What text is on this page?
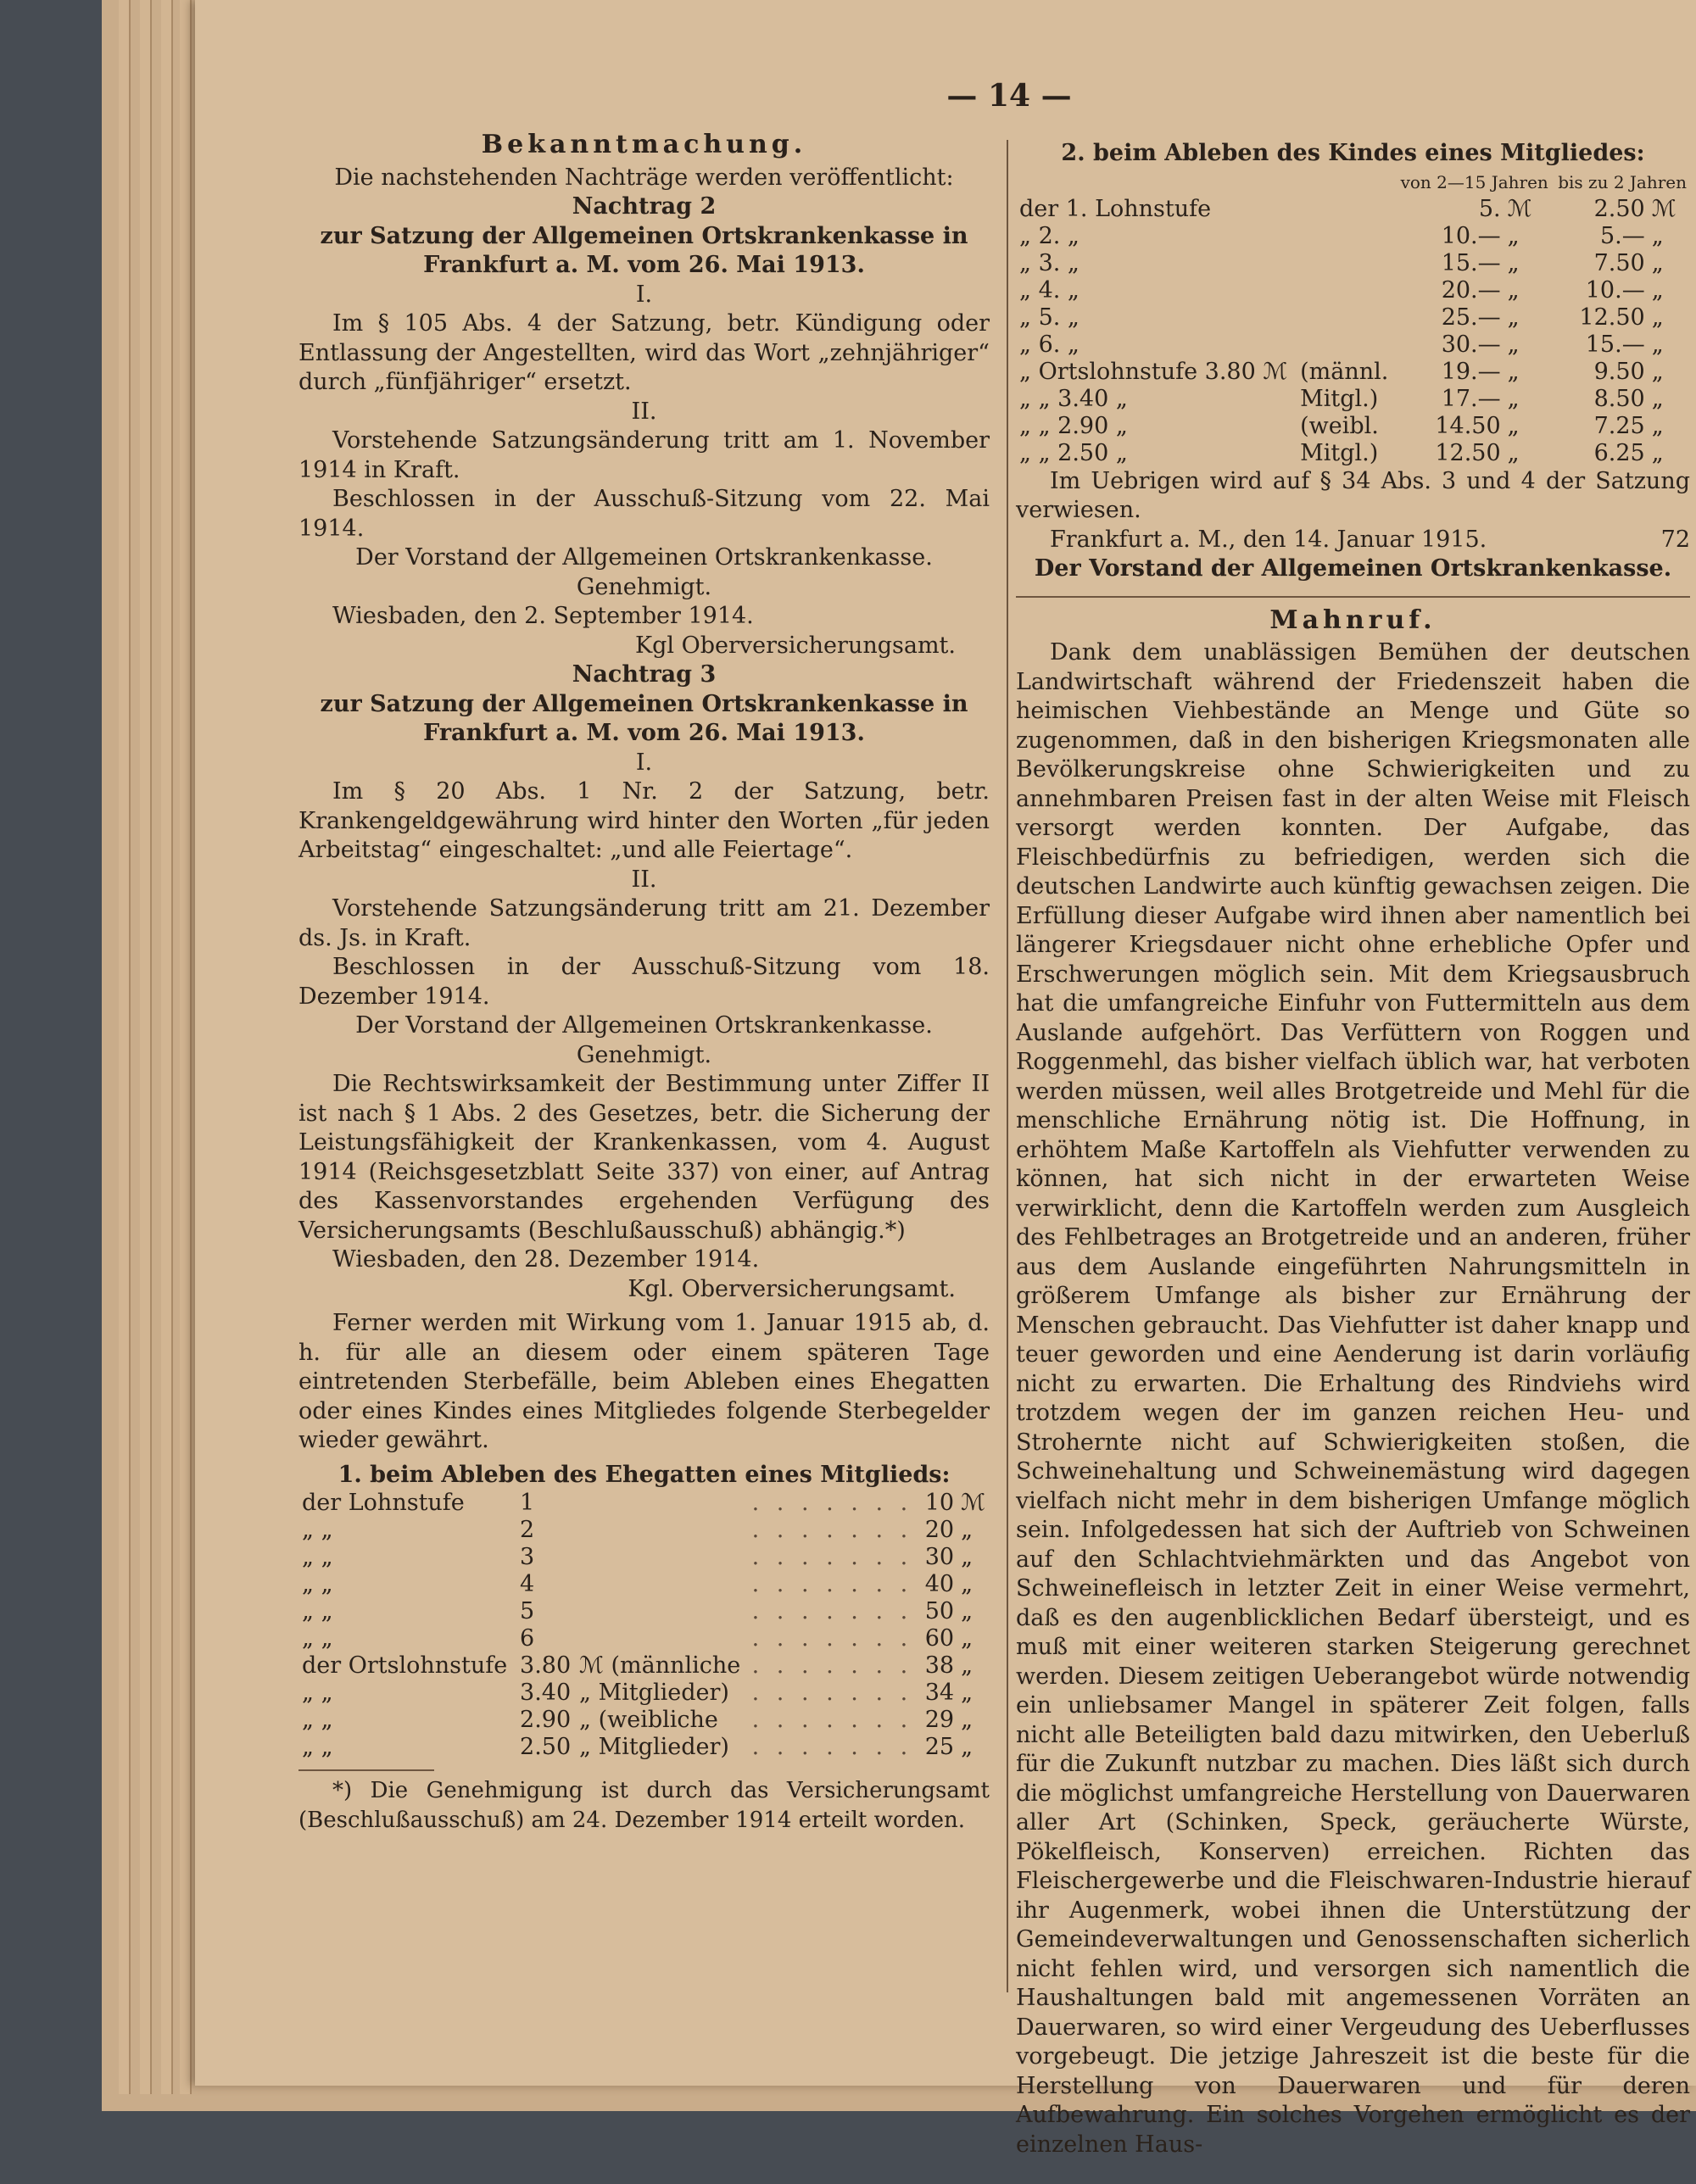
— 14 —
Bekanntmachung.
Die nachstehenden Nachträge werden veröffentlicht:
Nachtrag 2
zur Satzung der Allgemeinen Ortskrankenkasse in Frankfurt a. M. vom 26. Mai 1913.
I.

Im § 105 Abs. 4 der Satzung, betr. Kündigung oder Entlassung der Angestellten, wird das Wort „zehnjähriger“ durch „fünfjähriger“ ersetzt.

II.

Vorstehende Satzungsänderung tritt am 1. November 1914 in Kraft.

Beschlossen in der Ausschuß-Sitzung vom 22. Mai 1914.

Der Vorstand der Allgemeinen Ortskrankenkasse.
Genehmigt.

Wiesbaden, den 2. September 1914.

Kgl Oberversicherungsamt.
Nachtrag 3
zur Satzung der Allgemeinen Ortskrankenkasse in Frankfurt a. M. vom 26. Mai 1913.
I.

Im § 20 Abs. 1 Nr. 2 der Satzung, betr. Krankengeldgewährung wird hinter den Worten „für jeden Arbeitstag“ eingeschaltet: „und alle Feiertage“.

II.

Vorstehende Satzungsänderung tritt am 21. Dezember ds. Js. in Kraft.

Beschlossen in der Ausschuß-Sitzung vom 18. Dezember 1914.

Der Vorstand der Allgemeinen Ortskrankenkasse.
Genehmigt.

Die Rechtswirksamkeit der Bestimmung unter Ziffer II ist nach § 1 Abs. 2 des Gesetzes, betr. die Sicherung der Leistungsfähigkeit der Krankenkassen, vom 4. August 1914 (Reichsgesetzblatt Seite 337) von einer, auf Antrag des Kassenvorstandes ergehenden Verfügung des Versicherungsamts (Beschlußausschuß) abhängig.*)

Wiesbaden, den 28. Dezember 1914.

Kgl. Oberversicherungsamt.

Ferner werden mit Wirkung vom 1. Januar 1915 ab, d. h. für alle an diesem oder einem späteren Tage eintretenden Sterbefälle, beim Ableben eines Ehegatten oder eines Kindes eines Mitgliedes folgende Sterbegelder wieder gewährt.

1. beim Ableben des Ehegatten eines Mitglieds:
der Lohnstufe	1		. . . . . . .	10	ℳ
„ „	2		. . . . . . .	20	„
„ „	3		. . . . . . .	30	„
„ „	4		. . . . . . .	40	„
„ „	5		. . . . . . .	50	„
„ „	6		. . . . . . .	60	„
der Ortslohnstufe	3.80	ℳ (männliche	. . . . . . .	38	„
„ „	3.40	„ Mitglieder)	. . . . . . .	34	„
„ „	2.90	„ (weibliche	. . . . . . .	29	„
„ „	2.50	„ Mitglieder)	. . . . . . .	25	„

*) Die Genehmigung ist durch das Versicherungsamt (Beschlußausschuß) am 24. Dezember 1914 erteilt worden.

2. beim Ableben des Kindes eines Mitgliedes:
		von 2—15 Jahren		bis zu 2 Jahren	
der 1. Lohnstufe		5.	ℳ	2.50	ℳ
„ 2. „		10.—	„	5.—	„
„ 3. „		15.—	„	7.50	„
„ 4. „		20.—	„	10.—	„
„ 5. „		25.—	„	12.50	„
„ 6. „		30.—	„	15.—	„
„ Ortslohnstufe 3.80 ℳ	(männl.	19.—	„	9.50	„
„ „ 3.40 „	Mitgl.)	17.—	„	8.50	„
„ „ 2.90 „	(weibl.	14.50	„	7.25	„
„ „ 2.50 „	Mitgl.)	12.50	„	6.25	„

Im Uebrigen wird auf § 34 Abs. 3 und 4 der Satzung verwiesen.

Frankfurt a. M., den 14. Januar 1915.	72
Der Vorstand der Allgemeinen Ortskrankenkasse.
Mahnruf.

Dank dem unablässigen Bemühen der deutschen Landwirtschaft während der Friedenszeit haben die heimischen Viehbestände an Menge und Güte so zugenommen, daß in den bisherigen Kriegsmonaten alle Bevölkerungskreise ohne Schwierigkeiten und zu annehmbaren Preisen fast in der alten Weise mit Fleisch versorgt werden konnten. Der Aufgabe, das Fleischbedürfnis zu befriedigen, werden sich die deutschen Landwirte auch künftig gewachsen zeigen. Die Erfüllung dieser Aufgabe wird ihnen aber namentlich bei längerer Kriegsdauer nicht ohne erhebliche Opfer und Erschwerungen möglich sein. Mit dem Kriegsausbruch hat die umfangreiche Einfuhr von Futtermitteln aus dem Auslande aufgehört. Das Verfüttern von Roggen und Roggenmehl, das bisher vielfach üblich war, hat verboten werden müssen, weil alles Brotgetreide und Mehl für die menschliche Ernährung nötig ist. Die Hoffnung, in erhöhtem Maße Kartoffeln als Viehfutter verwenden zu können, hat sich nicht in der erwarteten Weise verwirklicht, denn die Kartoffeln werden zum Ausgleich des Fehlbetrages an Brotgetreide und an anderen, früher aus dem Auslande eingeführten Nahrungsmitteln in größerem Umfange als bisher zur Ernährung der Menschen gebraucht. Das Viehfutter ist daher knapp und teuer geworden und eine Aenderung ist darin vorläufig nicht zu erwarten. Die Erhaltung des Rindviehs wird trotzdem wegen der im ganzen reichen Heu- und Strohernte nicht auf Schwierigkeiten stoßen, die Schweinehaltung und Schweinemästung wird dagegen vielfach nicht mehr in dem bisherigen Umfange möglich sein. Infolgedessen hat sich der Auftrieb von Schweinen auf den Schlachtviehmärkten und das Angebot von Schweinefleisch in letzter Zeit in einer Weise vermehrt, daß es den augenblicklichen Bedarf übersteigt, und es muß mit einer weiteren starken Steigerung gerechnet werden. Diesem zeitigen Ueberangebot würde notwendig ein unliebsamer Mangel in späterer Zeit folgen, falls nicht alle Beteiligten bald dazu mitwirken, den Ueberluß für die Zukunft nutzbar zu machen. Dies läßt sich durch die möglichst umfangreiche Herstellung von Dauerwaren aller Art (Schinken, Speck, geräucherte Würste, Pökelfleisch, Konserven) erreichen. Richten das Fleischergewerbe und die Fleischwaren-Industrie hierauf ihr Augenmerk, wobei ihnen die Unterstützung der Gemeindeverwaltungen und Genossenschaften sicherlich nicht fehlen wird, und versorgen sich namentlich die Haushaltungen bald mit angemessenen Vorräten an Dauerwaren, so wird einer Vergeudung des Ueberflusses vorgebeugt. Die jetzige Jahreszeit ist die beste für die Herstellung von Dauerwaren und für deren Aufbewahrung. Ein solches Vorgehen ermöglicht es der einzelnen Haus-
